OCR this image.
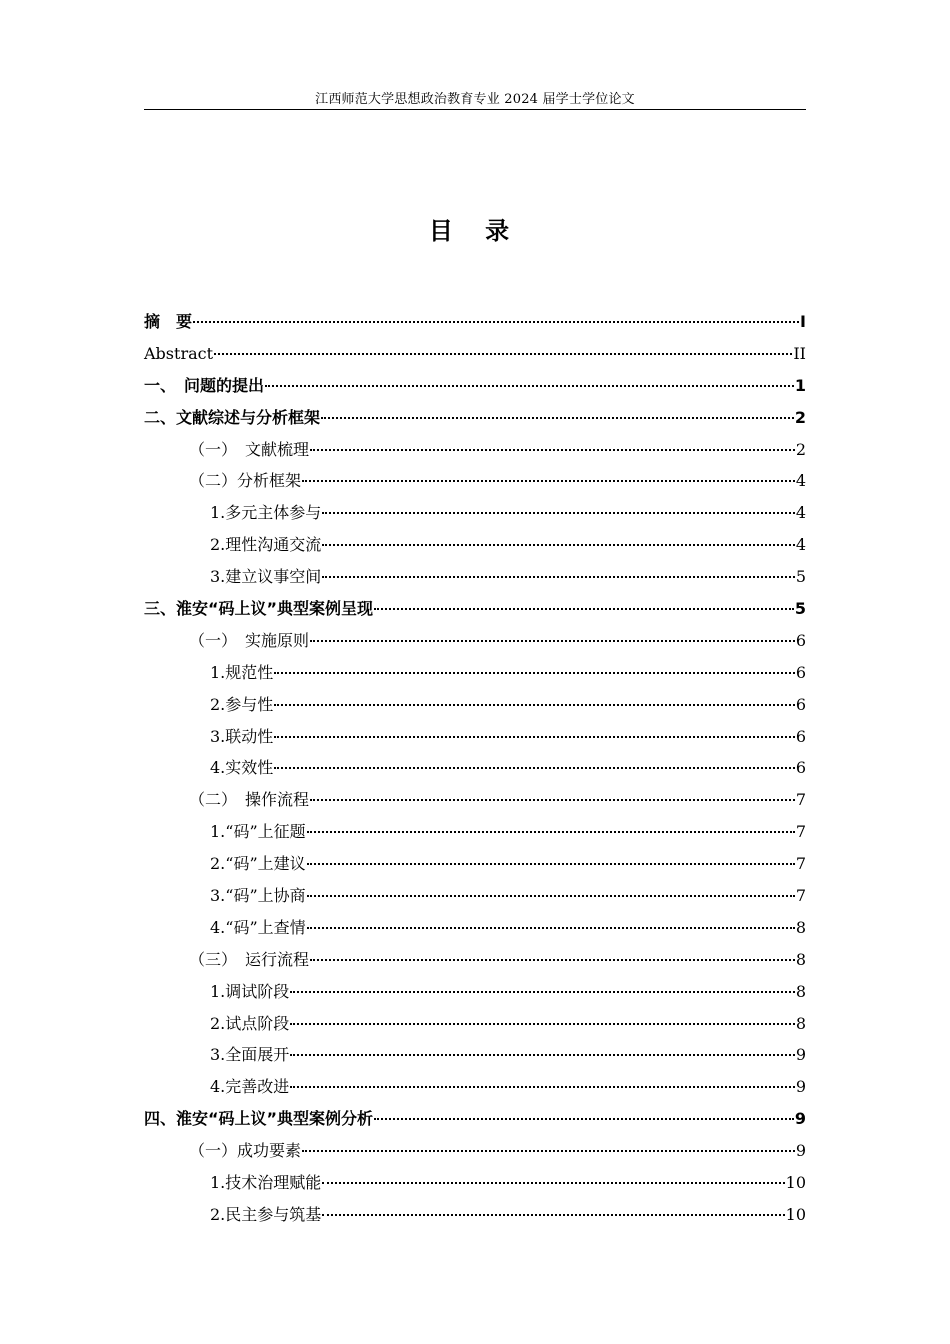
江西师范大学思想政治教育专业 2024 届学士学位论文
目 录
摘　要	I
Abstract	II
一、　问题的提出	1
二、文献综述与分析框架	2
（一）　文献梳理	2
（二）分析框架	4
1.多元主体参与	4
2.理性沟通交流	4
3.建立议事空间	5
三、淮安“码上议”典型案例呈现	5
（一）　实施原则	6
1.规范性	6
2.参与性	6
3.联动性	6
4.实效性	6
（二）　操作流程	7
1.“码”上征题	7
2.“码”上建议	7
3.“码”上协商	7
4.“码”上查情	8
（三）　运行流程	8
1.调试阶段	8
2.试点阶段	8
3.全面展开	9
4.完善改进	9
四、淮安“码上议”典型案例分析	9
（一）成功要素	9
1.技术治理赋能	10
2.民主参与筑基	10
